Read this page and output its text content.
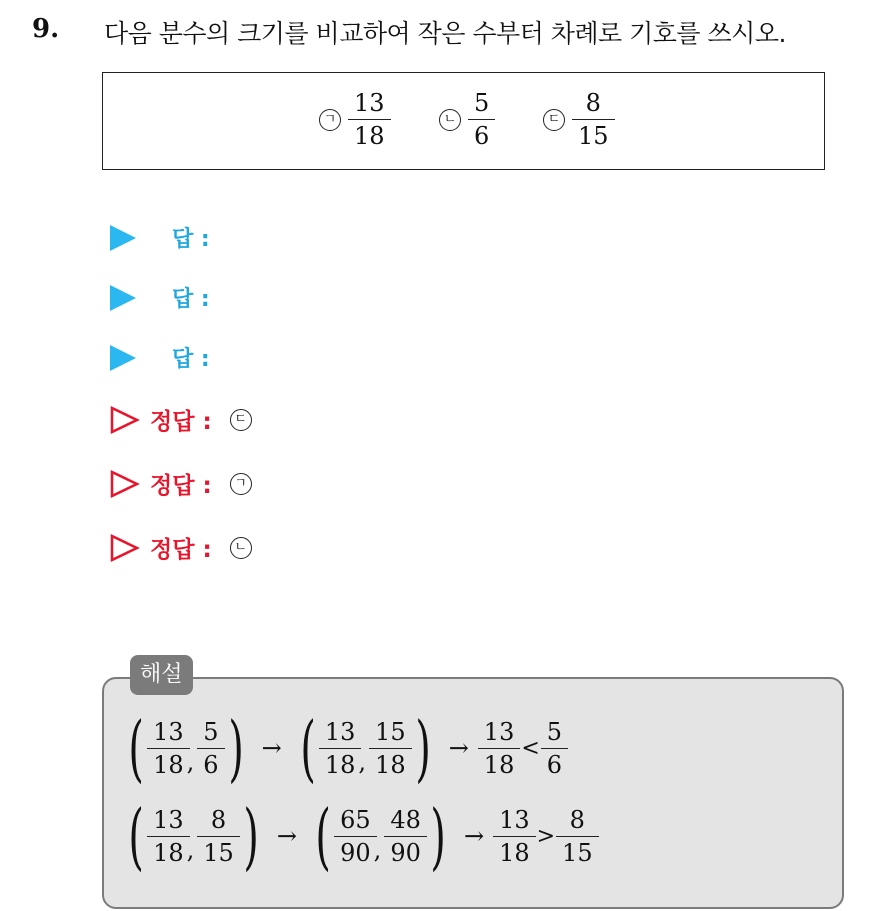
9. 다음 분수의 크기를 비교하여 작은 수부터 차례로 기호를 쓰시오.
ㄱ $\frac{13}{18}$	ㄴ $\frac{5}{6}$	ㄷ $\frac{8}{15}$
답 :
답 :
답 :
정답 :	ㄷ
정답 :	ㄱ
정답 :	ㄴ
해설
( $\frac{13}{18}$ , $\frac{5}{6}$ ) → ( $\frac{13}{18}$ , $\frac{15}{18}$ ) → $\frac{13}{18} < \frac{5}{6}$
( $\frac{13}{18}$ , $\frac{8}{15}$ ) → ( $\frac{65}{90}$ , $\frac{48}{90}$ ) → $\frac{13}{18} > \frac{8}{15}$
